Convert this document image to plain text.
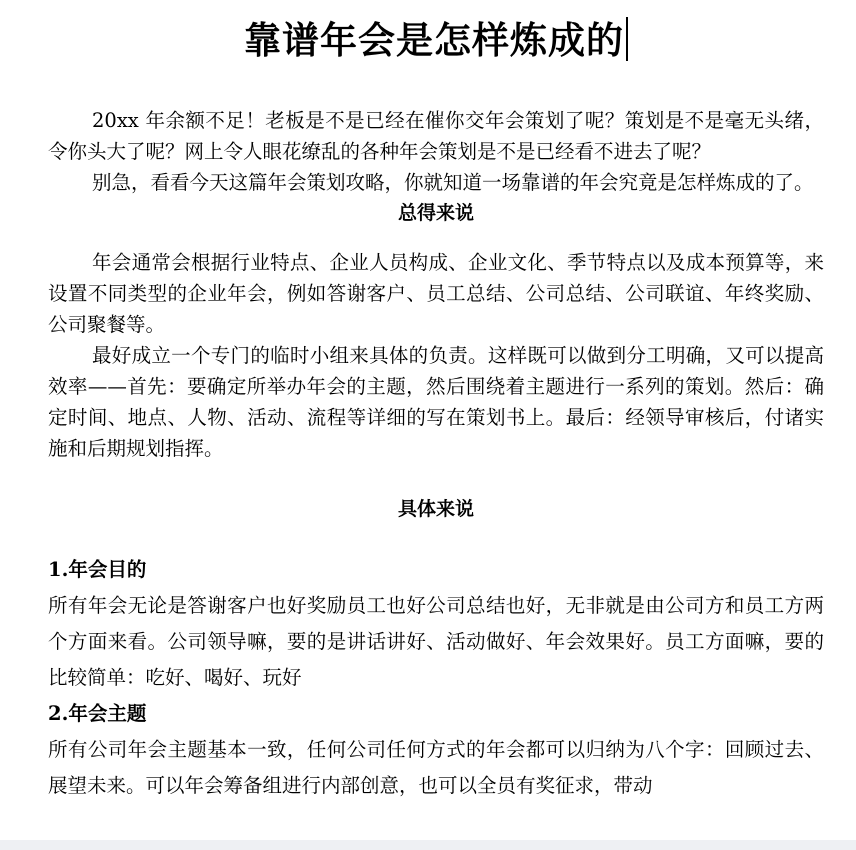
靠谱年会是怎样炼成的

20xx 年余额不足！老板是不是已经在催你交年会策划了呢？策划是不是毫无头绪，令你头大了呢？网上令人眼花缭乱的各种年会策划是不是已经看不进去了呢？

别急，看看今天这篇年会策划攻略，你就知道一场靠谱的年会究竟是怎样炼成的了。

总得来说

年会通常会根据行业特点、企业人员构成、企业文化、季节特点以及成本预算等，来设置不同类型的企业年会，例如答谢客户、员工总结、公司总结、公司联谊、年终奖励、公司聚餐等。

最好成立一个专门的临时小组来具体的负责。这样既可以做到分工明确，又可以提高效率——首先：要确定所举办年会的主题，然后围绕着主题进行一系列的策划。然后：确定时间、地点、人物、活动、流程等详细的写在策划书上。最后：经领导审核后，付诸实施和后期规划指挥。

具体来说
1.年会目的

所有年会无论是答谢客户也好奖励员工也好公司总结也好，无非就是由公司方和员工方两个方面来看。公司领导嘛，要的是讲话讲好、活动做好、年会效果好。员工方面嘛，要的比较简单：吃好、喝好、玩好

2.年会主题

所有公司年会主题基本一致，任何公司任何方式的年会都可以归纳为八个字：回顾过去、展望未来。可以年会筹备组进行内部创意，也可以全员有奖征求，带动
